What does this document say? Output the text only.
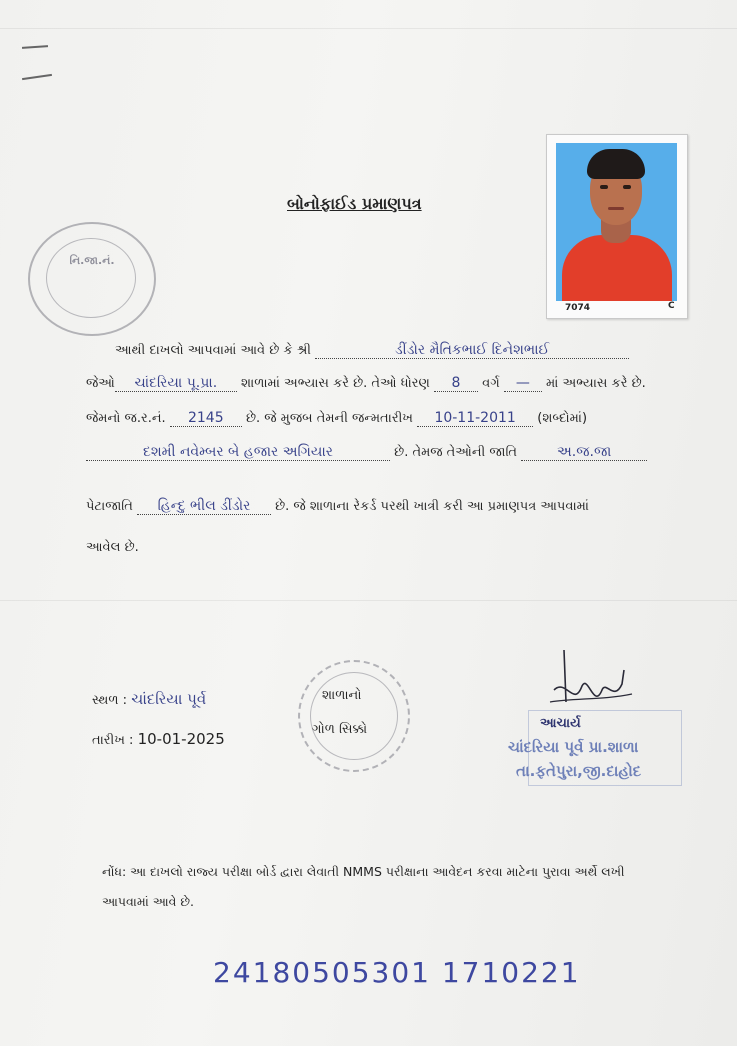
બોનોફાઈડ પ્રમાણપત્ર
7074	C
નિ.જા.નં.
આથી દાખલો આપવામાં આવે છે કે શ્રી	ડીંડોર મૈતિકભાઈ દિનેશભાઈ
જેઓ ચાંદરિયા પૂ.પ્રા. શાળામાં અભ્યાસ કરે છે. તેઓ ધોરણ 8 વર્ગ — માં અભ્યાસ કરે છે.
જેમનો જ.ર.નં. 2145 છે. જે મુજબ તેમની જન્મતારીખ 10-11-2011 (શબ્દોમાં)
દશમી નવેમ્બર બે હજાર અગિયાર	છે. તેમજ તેઓની જાતિ	અ.જ.જા
પેટાજાતિ હિન્દુ ભીલ ડીંડોર છે. જે શાળાના રેકર્ડ પરથી ખાત્રી કરી આ પ્રમાણપત્ર આપવામાં
આવેલ છે.
સ્થળ : ચાંદરિયા પૂર્વ
તારીખ : 10-01-2025
શાળાનો
ગોળ સિક્કો	આચાર્ય
ચાંદરિયા પૂર્વ પ્રા.શાળા
તા.ફતેપુરા,જી.દાહોદ
નોંધ: આ દાખલો રાજ્ય પરીક્ષા બોર્ડ દ્વારા લેવાતી NMMS પરીક્ષાના આવેદન કરવા માટેના પુરાવા અર્થે લખી
આપવામાં આવે છે.
24180505301 1710221
